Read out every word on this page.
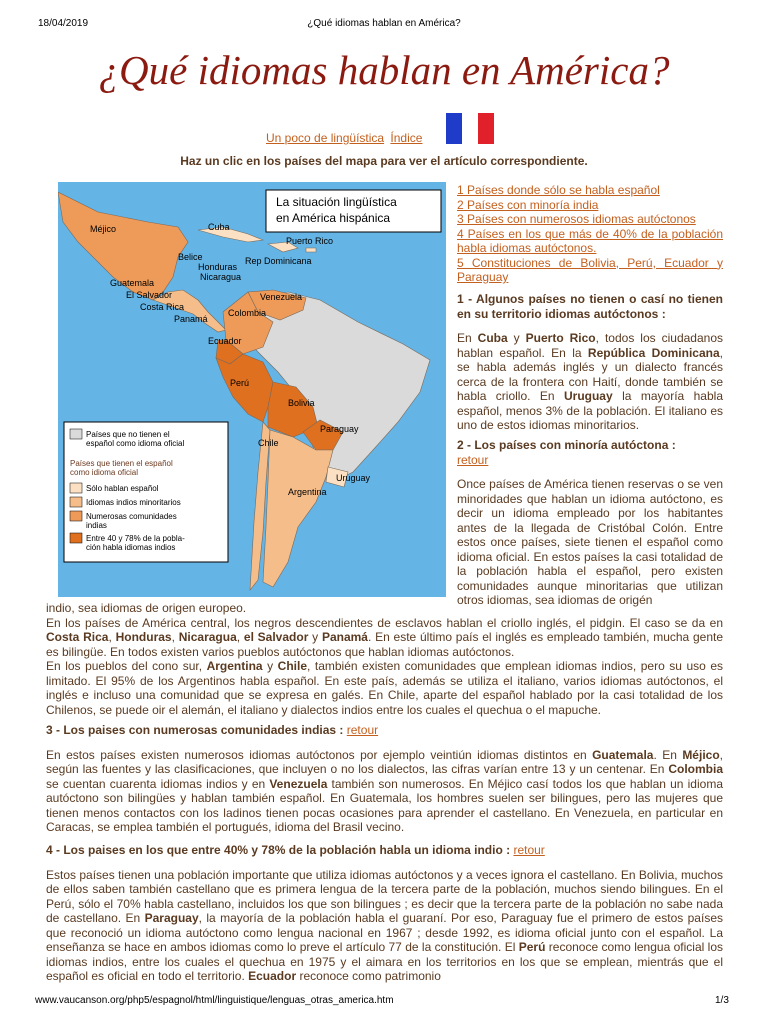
18/04/2019	¿Qué idiomas hablan en América?
¿Qué idiomas hablan en América?
Un poco de lingüística Índice
Haz un clic en los países del mapa para ver el artículo correspondiente.
La situación lingüística
en América hispánica
Méjico	Cuba
Puerto Rico
Belice
Honduras
Rep Dominicana
Nicaragua
Guatemala
El Salvador
Costa Rica
Panamá
Venezuela
Colombia
Ecuador
Perú
Bolivia
Paraguay
Chile
Uruguay
Argentina
Países que no tienen el
español como idioma oficial
Países que tienen el español
como idioma oficial
Sólo hablan español
Idiomas indios minoritarios
Numerosas comunidades
indias
Entre 40 y 78% de la pobla-
ción habla idiomas indios
1 Países donde sólo se habla español
2 Países con minoría india
3 Países con numerosos idiomas autóctonos
4 Países en los que más de 40% de la población habla idiomas autóctonos.
5 Constituciones de Bolivia, Perú, Ecuador y Paraguay

1 - Algunos países no tienen o casí no tienen en su territorio idiomas autóctonos :

En Cuba y Puerto Rico, todos los ciudadanos hablan español. En la República Dominicana, se habla además inglés y un dialecto francés cerca de la frontera con Haití, donde también se habla criollo. En Uruguay la mayoría habla español, menos 3% de la población. El italiano es uno de estos idiomas minoritarios.

2 - Los países con minoría autóctona :
retour

Once países de América tienen reservas o se ven minoridades que hablan un idioma autóctono, es decir un idioma empleado por los habitantes antes de la llegada de Cristóbal Colón. Entre estos once países, siete tienen el español como idioma oficial. En estos países la casi totalidad de la población habla el español, pero existen comunidades aunque minoritarias que utilizan otros idiomas, sea idiomas de origén

indio, sea idiomas de origen europeo.

En los países de América central, los negros descendientes de esclavos hablan el criollo inglés, el pidgin. El caso se da en Costa Rica, Honduras, Nicaragua, el Salvador y Panamá. En este último país el inglés es empleado también, mucha gente es bilingüe. En todos existen varios pueblos autóctonos que hablan idiomas autóctonos.

En los pueblos del cono sur, Argentina y Chile, también existen comunidades que emplean idiomas indios, pero su uso es limitado. El 95% de los Argentinos habla español. En este país, además se utiliza el italiano, varios idiomas autóctonos, el inglés e incluso una comunidad que se expresa en galés. En Chile, aparte del español hablado por la casi totalidad de los Chilenos, se puede oir el alemán, el italiano y dialectos indios entre los cuales el quechua o el mapuche.

3 - Los paises con numerosas comunidades indias : retour

En estos países existen numerosos idiomas autóctonos por ejemplo veintiún idiomas distintos en Guatemala. En Méjico, según las fuentes y las clasificaciones, que incluyen o no los dialectos, las cifras varían entre 13 y un centenar. En Colombia se cuentan cuarenta idiomas indios y en Venezuela también son numerosos. En Méjico casí todos los que hablan un idioma autóctono son bilingües y hablan también español. En Guatemala, los hombres suelen ser bilingues, pero las mujeres que tienen menos contactos con los ladinos tienen pocas ocasiones para aprender el castellano. En Venezuela, en particular en Caracas, se emplea también el portugués, idioma del Brasil vecino.

4 - Los paises en los que entre 40% y 78% de la población habla un idioma indio : retour

Estos países tienen una población importante que utiliza idiomas autóctonos y a veces ignora el castellano. En Bolivia, muchos de ellos saben también castellano que es primera lengua de la tercera parte de la población, muchos siendo bilingues. En el Perú, sólo el 70% habla castellano, incluidos los que son bilingues ; es decir que la tercera parte de la población no sabe nada de castellano. En Paraguay, la mayoría de la población habla el guaraní. Por eso, Paraguay fue el primero de estos países que reconoció un idioma autóctono como lengua nacional en 1967 ; desde 1992, es idioma oficial junto con el español. La enseñanza se hace en ambos idiomas como lo preve el artículo 77 de la constitución. El Perú reconoce como lengua oficial los idiomas indios, entre los cuales el quechua en 1975 y el aimara en los territorios en los que se emplean, mientrás que el español es oficial en todo el territorio. Ecuador reconoce como patrimonio

www.vaucanson.org/php5/espagnol/html/linguistique/lenguas_otras_america.htm	1/3
